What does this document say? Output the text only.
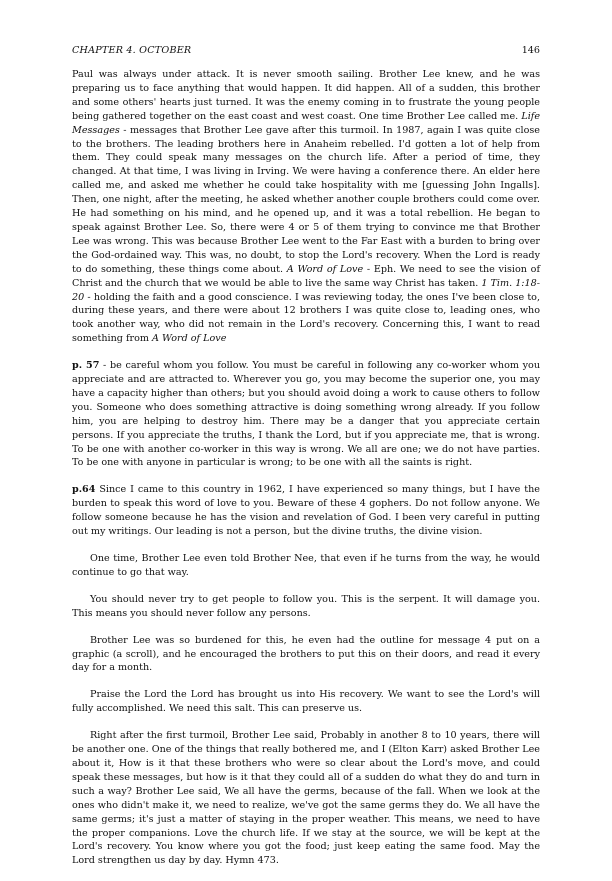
CHAPTER 4. OCTOBER	146

Paul was always under attack. It is never smooth sailing. Brother Lee knew, and he was preparing us to face anything that would happen. It did happen. All of a sudden, this brother and some others' hearts just turned. It was the enemy coming in to frustrate the young people being gathered together on the east coast and west coast. One time Brother Lee called me. Life Messages - messages that Brother Lee gave after this turmoil. In 1987, again I was quite close to the brothers. The leading brothers here in Anaheim rebelled. I'd gotten a lot of help from them. They could speak many messages on the church life. After a period of time, they changed. At that time, I was living in Irving. We were having a conference there. An elder here called me, and asked me whether he could take hospitality with me [guessing John Ingalls]. Then, one night, after the meeting, he asked whether another couple brothers could come over. He had something on his mind, and he opened up, and it was a total rebellion. He began to speak against Brother Lee. So, there were 4 or 5 of them trying to convince me that Brother Lee was wrong. This was because Brother Lee went to the Far East with a burden to bring over the God-ordained way. This was, no doubt, to stop the Lord's recovery. When the Lord is ready to do something, these things come about. A Word of Love - Eph. We need to see the vision of Christ and the church that we would be able to live the same way Christ has taken. 1 Tim. 1:18-20 - holding the faith and a good conscience. I was reviewing today, the ones I've been close to, during these years, and there were about 12 brothers I was quite close to, leading ones, who took another way, who did not remain in the Lord's recovery. Concerning this, I want to read something from A Word of Love

p. 57 - be careful whom you follow. You must be careful in following any co-worker whom you appreciate and are attracted to. Wherever you go, you may become the superior one, you may have a capacity higher than others; but you should avoid doing a work to cause others to follow you. Someone who does something attractive is doing something wrong already. If you follow him, you are helping to destroy him. There may be a danger that you appreciate certain persons. If you appreciate the truths, I thank the Lord, but if you appreciate me, that is wrong. To be one with another co-worker in this way is wrong. We all are one; we do not have parties. To be one with anyone in particular is wrong; to be one with all the saints is right.

p.64 Since I came to this country in 1962, I have experienced so many things, but I have the burden to speak this word of love to you. Beware of these 4 gophers. Do not follow anyone. We follow someone because he has the vision and revelation of God. I been very careful in putting out my writings. Our leading is not a person, but the divine truths, the divine vision.

One time, Brother Lee even told Brother Nee, that even if he turns from the way, he would continue to go that way.

You should never try to get people to follow you. This is the serpent. It will damage you. This means you should never follow any persons.

Brother Lee was so burdened for this, he even had the outline for message 4 put on a graphic (a scroll), and he encouraged the brothers to put this on their doors, and read it every day for a month.

Praise the Lord the Lord has brought us into His recovery. We want to see the Lord's will fully accomplished. We need this salt. This can preserve us.

Right after the first turmoil, Brother Lee said, Probably in another 8 to 10 years, there will be another one. One of the things that really bothered me, and I (Elton Karr) asked Brother Lee about it, How is it that these brothers who were so clear about the Lord's move, and could speak these messages, but how is it that they could all of a sudden do what they do and turn in such a way? Brother Lee said, We all have the germs, because of the fall. When we look at the ones who didn't make it, we need to realize, we've got the same germs they do. We all have the same germs; it's just a matter of staying in the proper weather. This means, we need to have the proper companions. Love the church life. If we stay at the source, we will be kept at the Lord's recovery. You know where you got the food; just keep eating the same food. May the Lord strengthen us day by day. Hymn 473.
